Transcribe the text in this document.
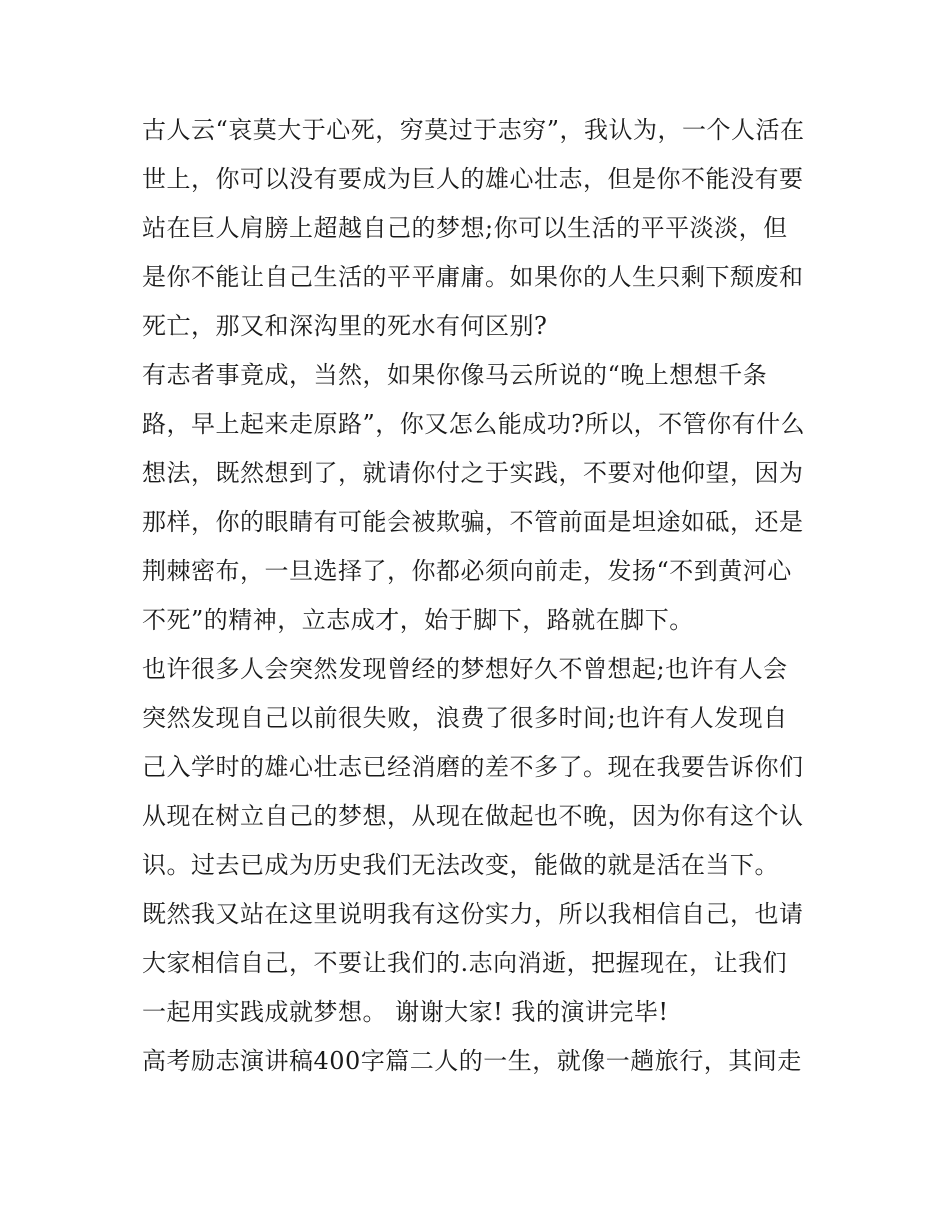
古人云“哀莫大于心死，穷莫过于志穷”，我认为，一个人活在
世上，你可以没有要成为巨人的雄心壮志，但是你不能没有要
站在巨人肩膀上超越自己的梦想;你可以生活的平平淡淡，但
是你不能让自己生活的平平庸庸。如果你的人生只剩下颓废和
死亡，那又和深沟里的死水有何区别?
有志者事竟成，当然，如果你像马云所说的“晚上想想千条
路，早上起来走原路”，你又怎么能成功?所以，不管你有什么
想法，既然想到了，就请你付之于实践，不要对他仰望，因为
那样，你的眼睛有可能会被欺骗，不管前面是坦途如砥，还是
荆棘密布，一旦选择了，你都必须向前走，发扬“不到黄河心
不死”的精神，立志成才，始于脚下，路就在脚下。
也许很多人会突然发现曾经的梦想好久不曾想起;也许有人会
突然发现自己以前很失败，浪费了很多时间;也许有人发现自
己入学时的雄心壮志已经消磨的差不多了。现在我要告诉你们
从现在树立自己的梦想，从现在做起也不晚，因为你有这个认
识。过去已成为历史我们无法改变，能做的就是活在当下。
既然我又站在这里说明我有这份实力，所以我相信自己，也请
大家相信自己，不要让我们的.志向消逝，把握现在，让我们
一起用实践成就梦想。 谢谢大家! 我的演讲完毕!
高考励志演讲稿400字篇二人的一生，就像一趟旅行，其间走
